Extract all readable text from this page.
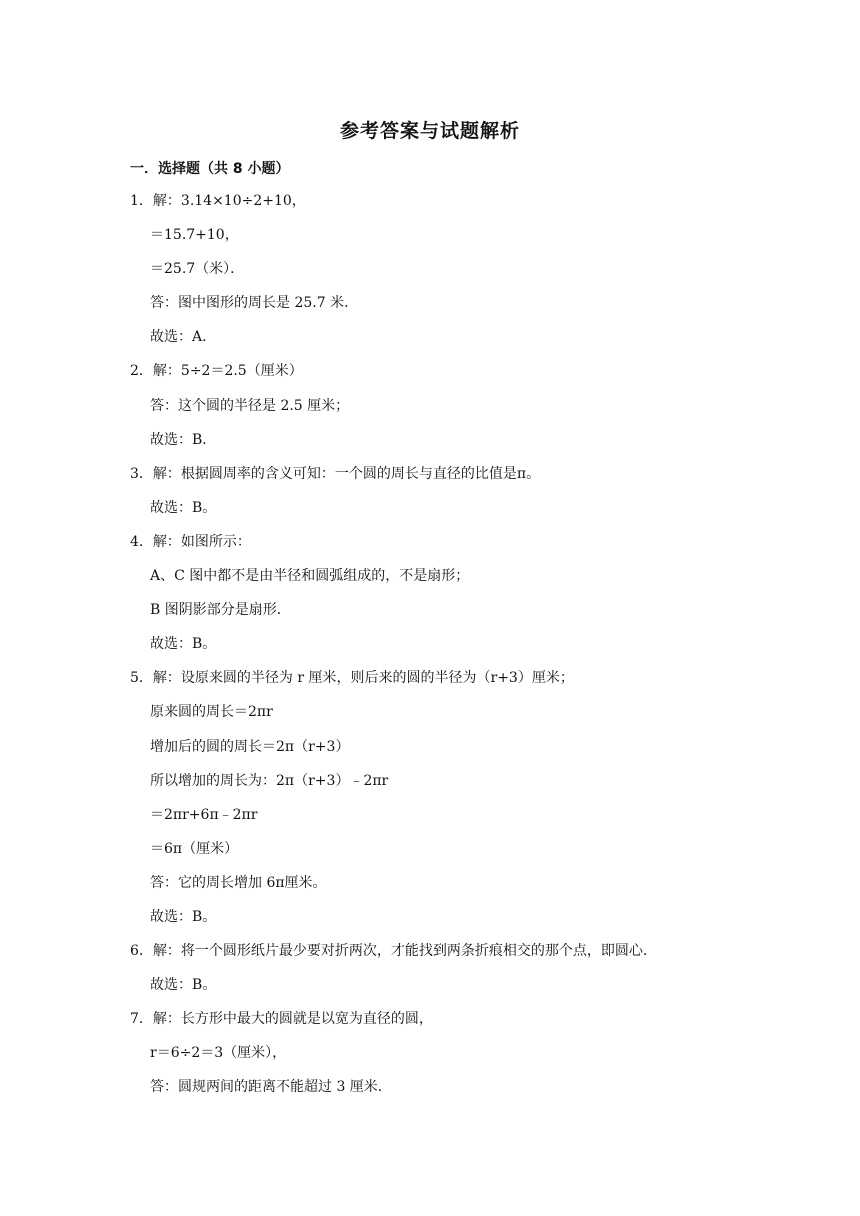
参考答案与试题解析
一．选择题（共 8 小题）
1．解：3.14×10÷2+10，
＝15.7+10，
＝25.7（米）．
答：图中图形的周长是 25.7 米．
故选：A．
2．解：5÷2＝2.5（厘米）
答：这个圆的半径是 2.5 厘米；
故选：B．
3．解：根据圆周率的含义可知：一个圆的周长与直径的比值是π。
故选：B。
4．解：如图所示：
A、C 图中都不是由半径和圆弧组成的，不是扇形；
B 图阴影部分是扇形．
故选：B。
5．解：设原来圆的半径为 r 厘米，则后来的圆的半径为（r+3）厘米；
原来圆的周长＝2πr
增加后的圆的周长＝2π（r+3）
所以增加的周长为：2π（r+3）﹣2πr
＝2πr+6π﹣2πr
＝6π（厘米）
答：它的周长增加 6π厘米。
故选：B。
6．解：将一个圆形纸片最少要对折两次，才能找到两条折痕相交的那个点，即圆心．
故选：B。
7．解：长方形中最大的圆就是以宽为直径的圆，
r＝6÷2＝3（厘米），
答：圆规两间的距离不能超过 3 厘米．
